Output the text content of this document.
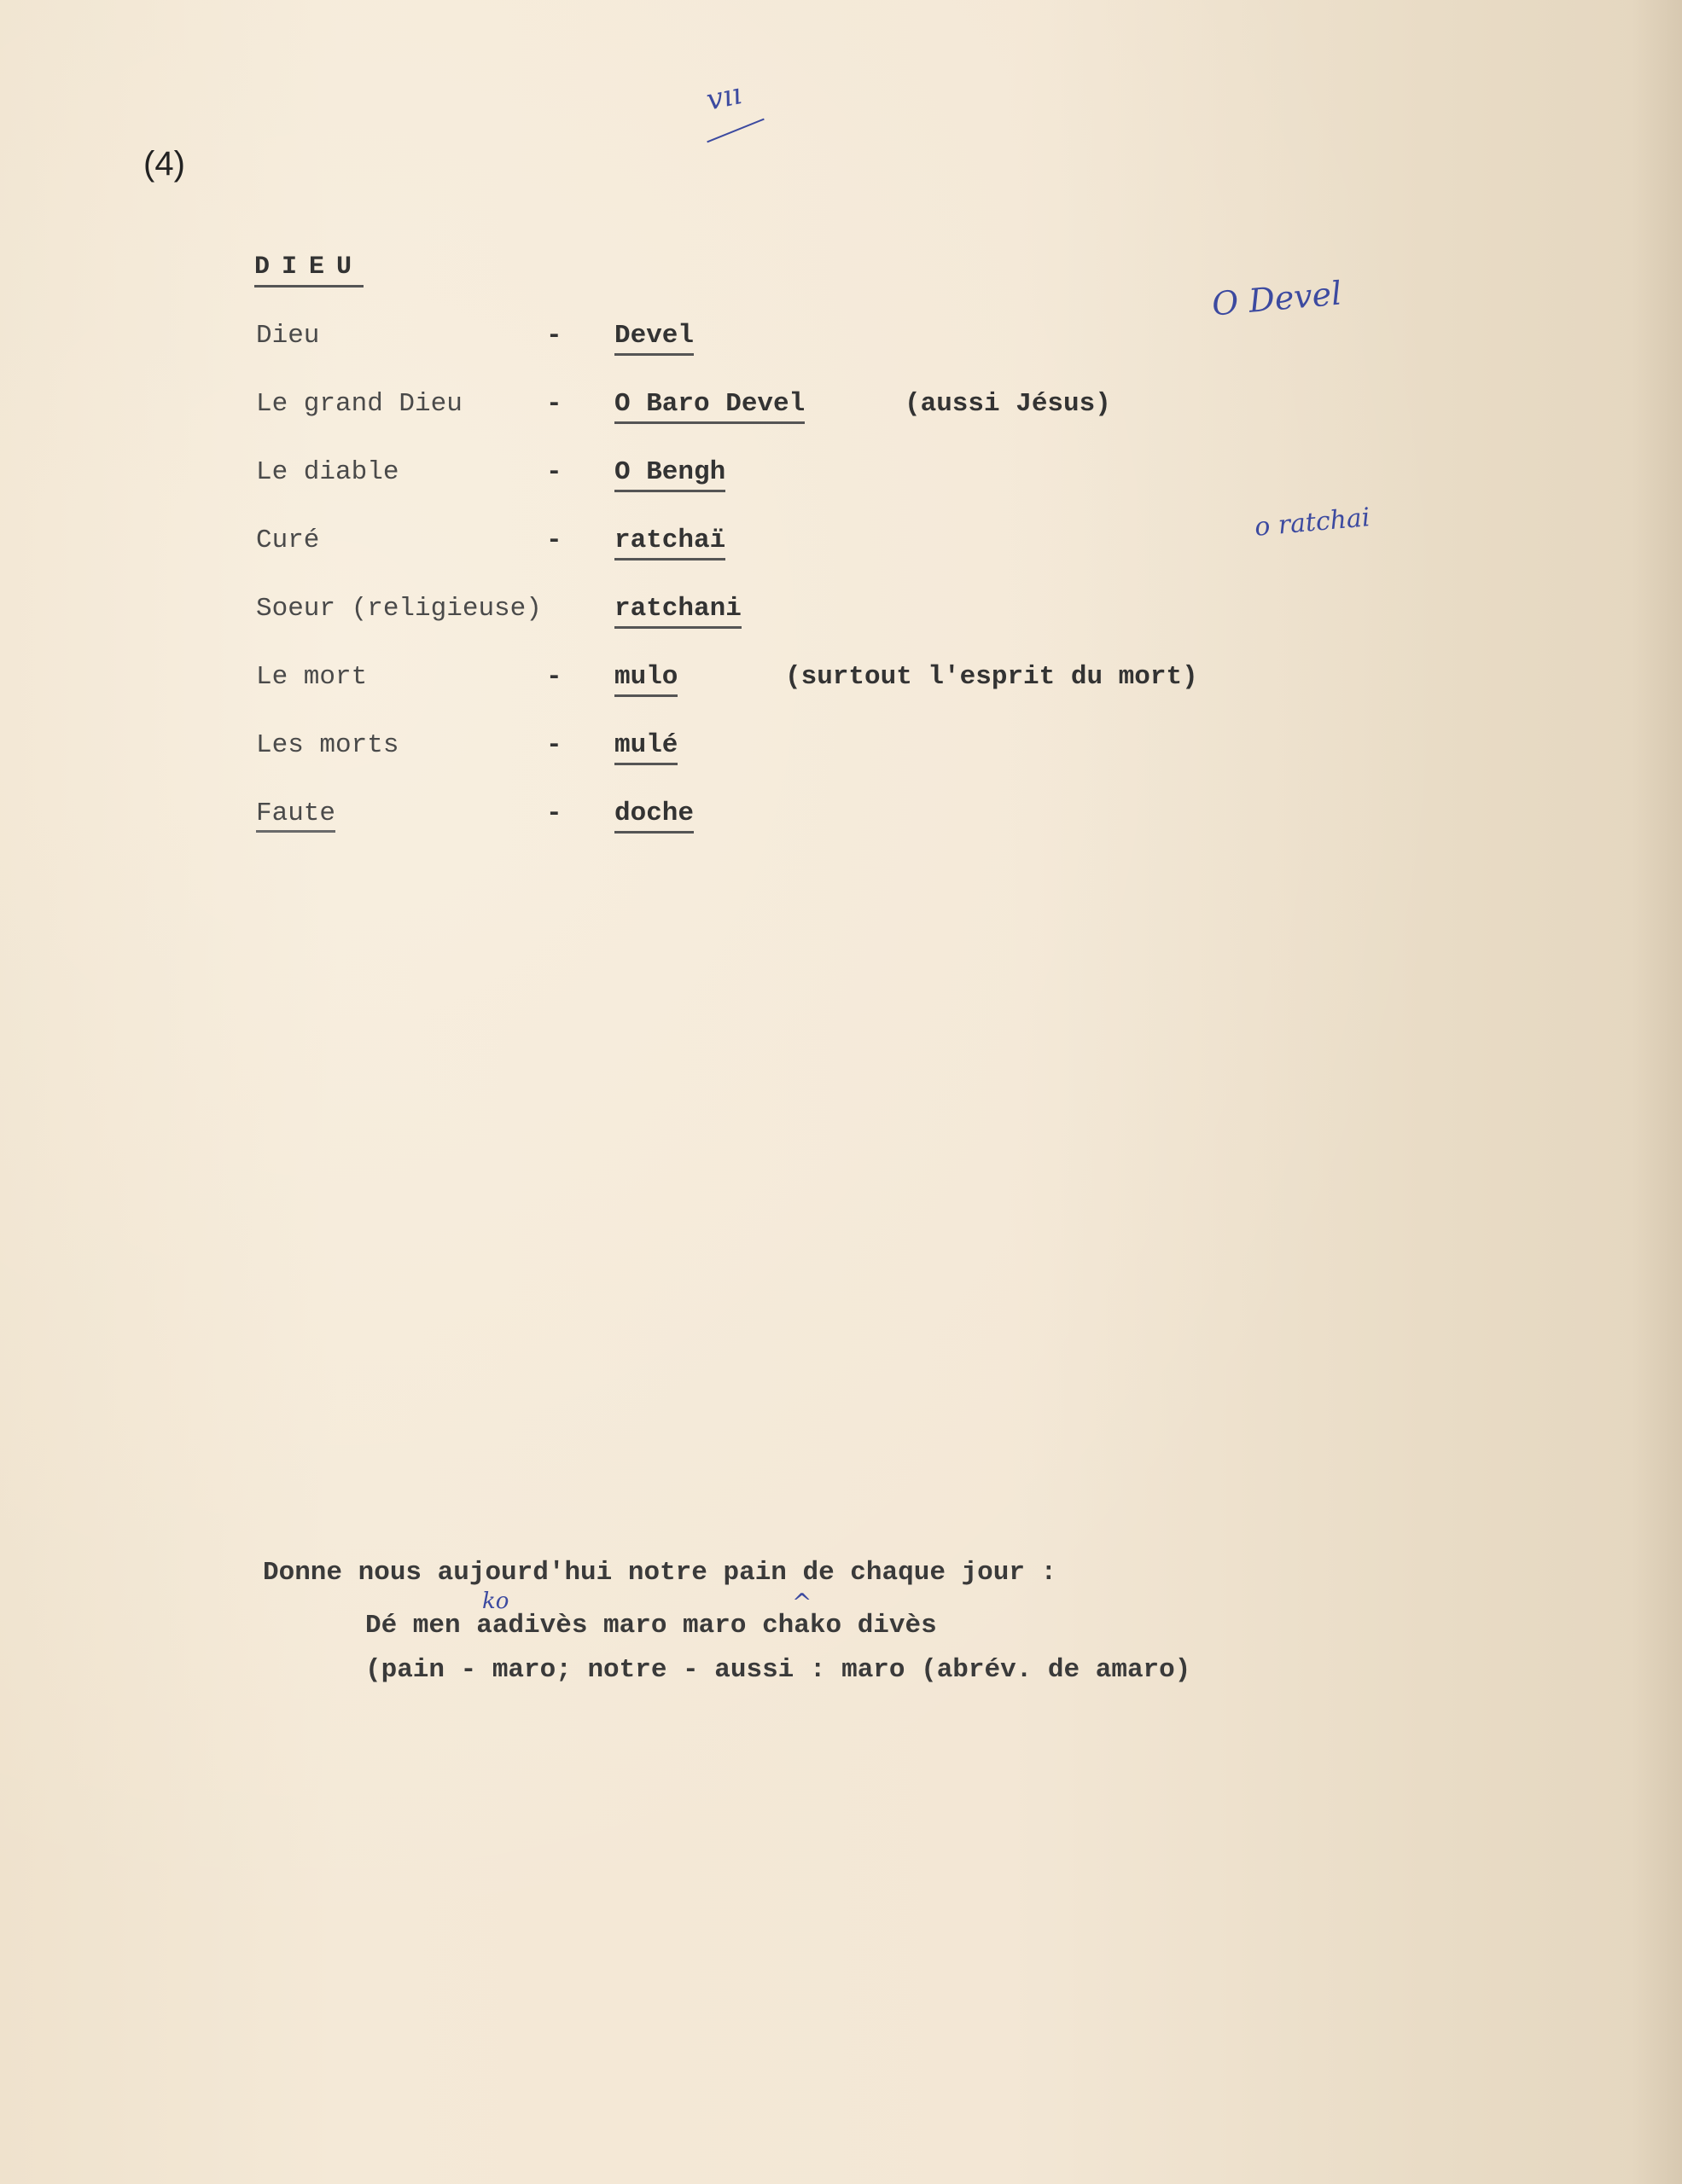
(4)
vıı
O Devel
o ratchai
DIEU
Dieu	- Devel
Le grand Dieu	- O Baro Devel	(aussi Jésus)
Le diable	- O Bengh
Curé	- ratchaï
Soeur (religieuse)	ratchani
Le mort	- mulo	(surtout l'esprit du mort)
Les morts	- mulé
Faute	- doche
Donne nous aujourd'hui notre pain de chaque jour :
ko	^
Dé men aadivès maro maro chako divès
(pain - maro; notre - aussi : maro (abrév. de amaro)
